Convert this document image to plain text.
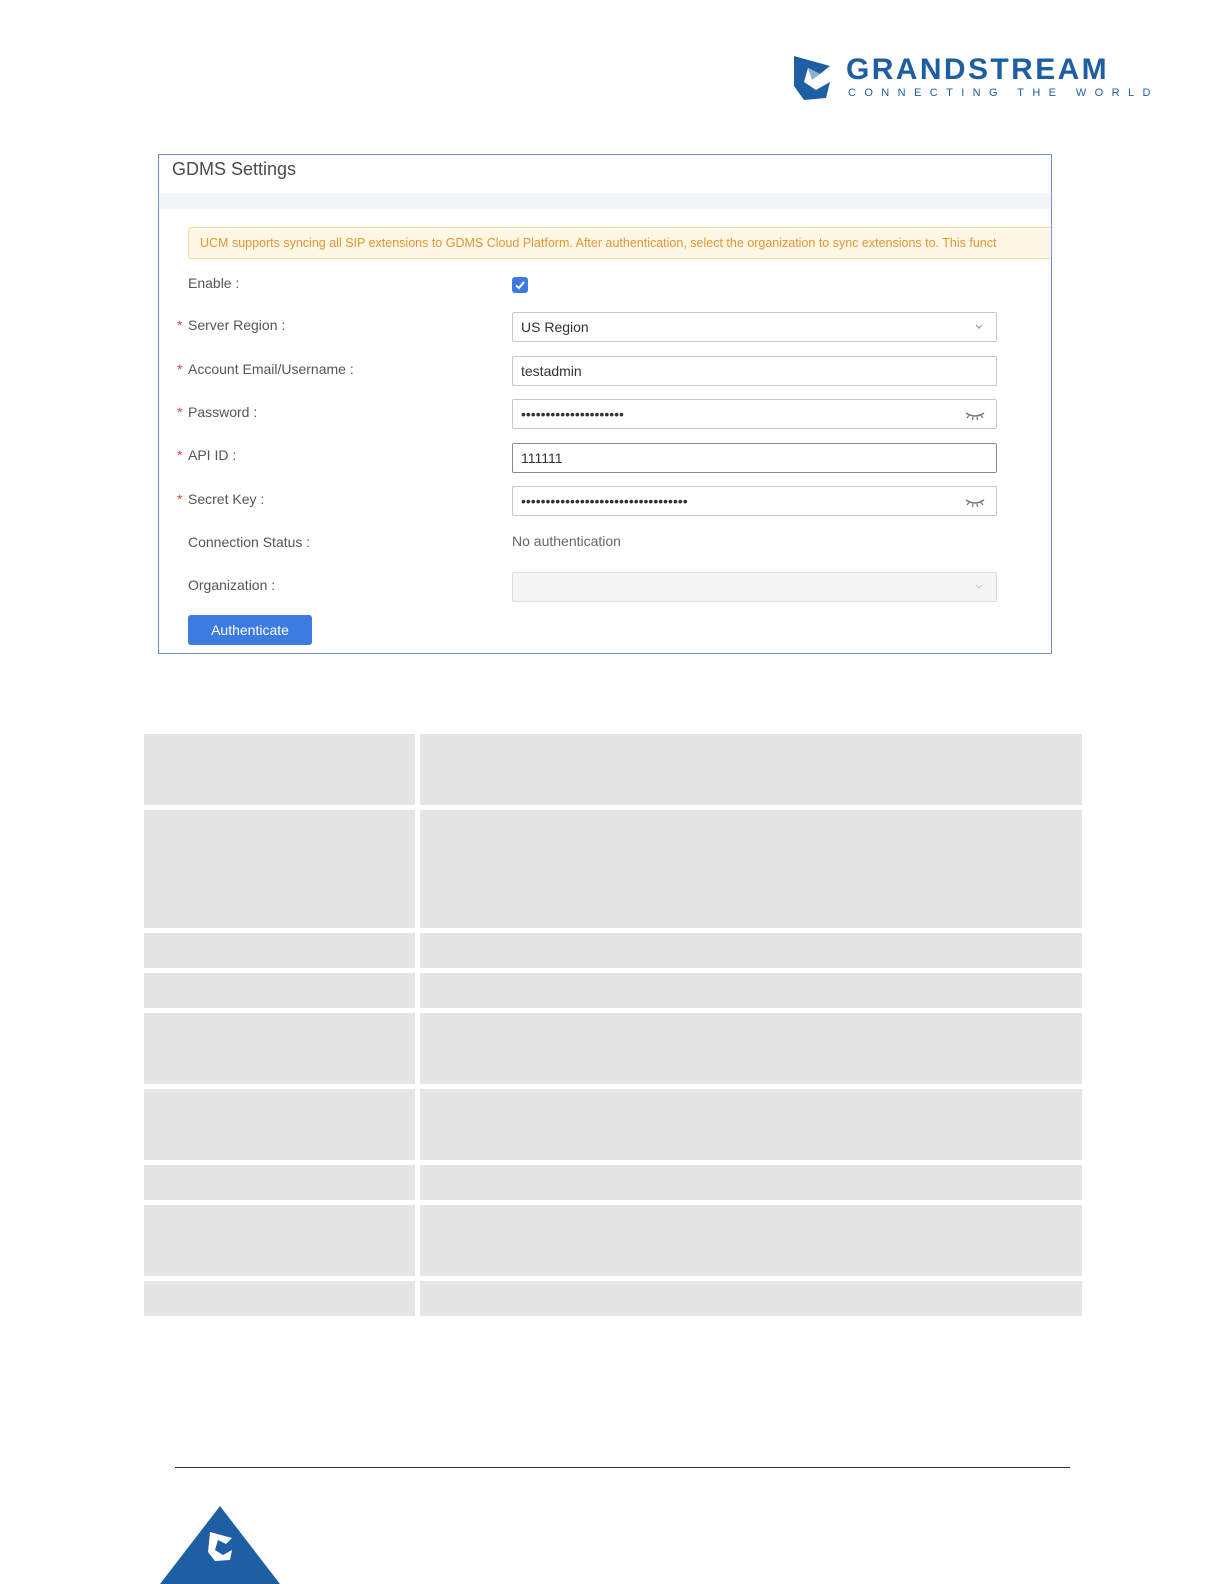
GRANDSTREAM
CONNECTING THE WORLD
GDMS Settings
UCM supports syncing all SIP extensions to GDMS Cloud Platform. After authentication, select the organization to sync extensions to. This funct
Enable :
* Server Region :	US Region
* Account Email/Username :	testadmin
* Password :	•••••••••••••••••••••
* API ID :	111111
* Secret Key :	••••••••••••••••••••••••••••••••••
Connection Status :	No authentication
Organization :
Authenticate
